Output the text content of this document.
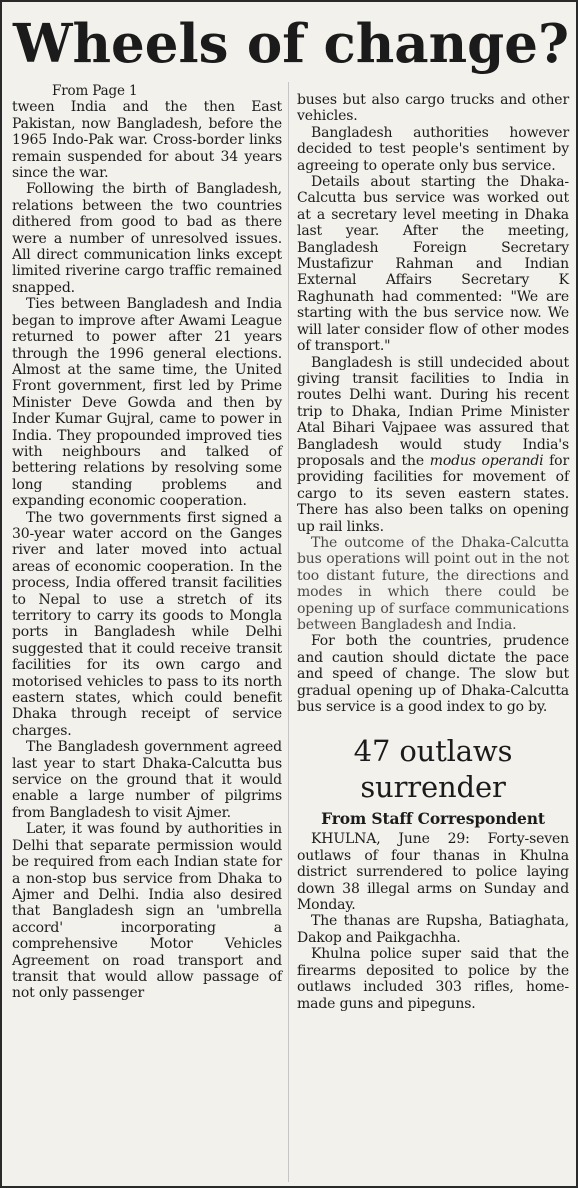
Wheels of change?

From Page 1

tween India and the then East Pakistan, now Bangladesh, before the 1965 Indo-Pak war. Cross-border links remain suspended for about 34 years since the war.

Following the birth of Bangladesh, relations between the two countries dithered from good to bad as there were a number of unresolved issues. All direct communication links except limited riverine cargo traffic remained snapped.

Ties between Bangladesh and India began to improve after Awami League returned to power after 21 years through the 1996 general elections. Almost at the same time, the United Front government, first led by Prime Minister Deve Gowda and then by Inder Kumar Gujral, came to power in India. They propounded improved ties with neighbours and talked of bettering relations by resolving some long standing problems and expanding economic cooperation.

The two governments first signed a 30-year water accord on the Ganges river and later moved into actual areas of economic cooperation. In the process, India offered transit facilities to Nepal to use a stretch of its territory to carry its goods to Mongla ports in Bangladesh while Delhi suggested that it could receive transit facilities for its own cargo and motorised vehicles to pass to its north eastern states, which could benefit Dhaka through receipt of service charges.

The Bangladesh government agreed last year to start Dhaka-Calcutta bus service on the ground that it would enable a large number of pilgrims from Bangladesh to visit Ajmer.

Later, it was found by authorities in Delhi that separate permission would be required from each Indian state for a non-stop bus service from Dhaka to Ajmer and Delhi. India also desired that Bangladesh sign an 'umbrella accord' incorporating a comprehensive Motor Vehicles Agreement on road transport and transit that would allow passage of not only passenger

buses but also cargo trucks and other vehicles.

Bangladesh authorities however decided to test people's sentiment by agreeing to operate only bus service.

Details about starting the Dhaka-Calcutta bus service was worked out at a secretary level meeting in Dhaka last year. After the meeting, Bangladesh Foreign Secretary Mustafizur Rahman and Indian External Affairs Secretary K Raghunath had commented: "We are starting with the bus service now. We will later consider flow of other modes of transport."

Bangladesh is still undecided about giving transit facilities to India in routes Delhi want. During his recent trip to Dhaka, Indian Prime Minister Atal Bihari Vajpaee was assured that Bangladesh would study India's proposals and the modus operandi for providing facilities for movement of cargo to its seven eastern states. There has also been talks on opening up rail links.

The outcome of the Dhaka-Calcutta bus operations will point out in the not too distant future, the directions and modes in which there could be opening up of surface communications between Bangladesh and India.

For both the countries, prudence and caution should dictate the pace and speed of change. The slow but gradual opening up of Dhaka-Calcutta bus service is a good index to go by.

47 outlaws surrender
From Staff Correspondent

KHULNA, June 29: Forty-seven outlaws of four thanas in Khulna district surrendered to police laying down 38 illegal arms on Sunday and Monday.

The thanas are Rupsha, Batiaghata, Dakop and Paikgachha.

Khulna police super said that the firearms deposited to police by the outlaws included 303 rifles, home-made guns and pipeguns.
